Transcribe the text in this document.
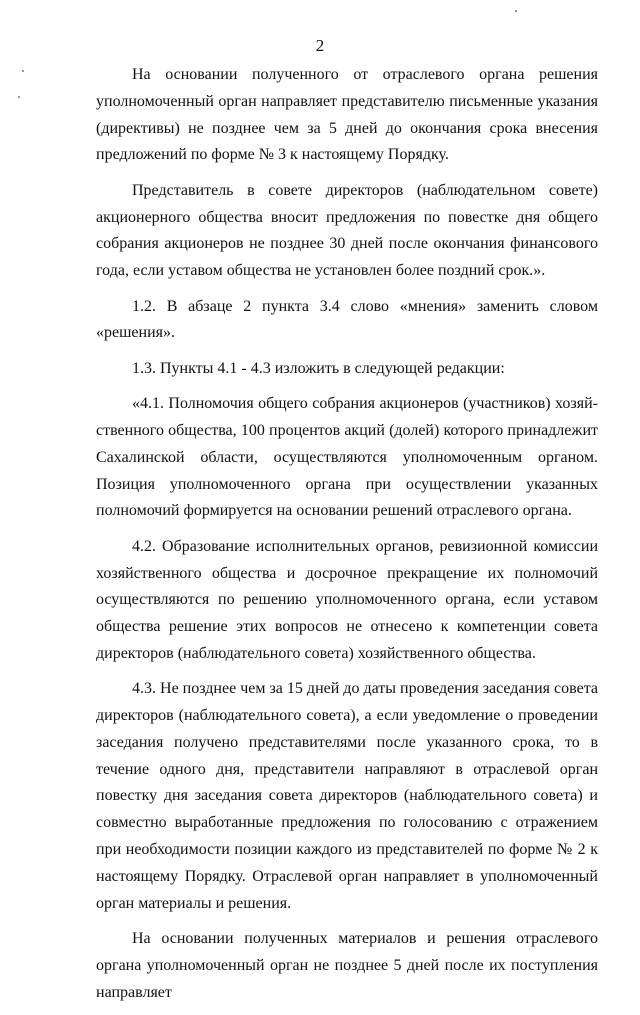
2

На основании полученного от отраслевого органа решения уполномоченный орган направляет представителю письменные указания (директивы) не позднее чем за 5 дней до окончания срока внесения предложений по форме № 3 к настоящему Порядку.

Представитель в совете директоров (наблюдательном совете) акционерного общества вносит предложения по повестке дня общего собрания акционеров не позднее 30 дней после окончания финансового года, если уставом общества не установлен более поздний срок.».

1.2. В абзаце 2 пункта 3.4 слово «мнения» заменить словом «решения».

1.3. Пункты 4.1 - 4.3 изложить в следующей редакции:

«4.1. Полномочия общего собрания акционеров (участников) хозяйственного общества, 100 процентов акций (долей) которого принадлежит Сахалинской области, осуществляются уполномоченным органом. Позиция уполномоченного органа при осуществлении указанных полномочий формируется на основании решений отраслевого органа.

4.2. Образование исполнительных органов, ревизионной комиссии хозяйственного общества и досрочное прекращение их полномочий осуществляются по решению уполномоченного органа, если уставом общества решение этих вопросов не отнесено к компетенции совета директоров (наблюдательного совета) хозяйственного общества.

4.3. Не позднее чем за 15 дней до даты проведения заседания совета директоров (наблюдательного совета), а если уведомление о проведении заседания получено представителями после указанного срока, то в течение одного дня, представители направляют в отраслевой орган повестку дня заседания совета директоров (наблюдательного совета) и совместно выработанные предложения по голосованию с отражением при необходимости позиции каждого из представителей по форме № 2 к настоящему Порядку. Отраслевой орган направляет в уполномоченный орган материалы и решения.

На основании полученных материалов и решения отраслевого органа уполномоченный орган не позднее 5 дней после их поступления направляет
